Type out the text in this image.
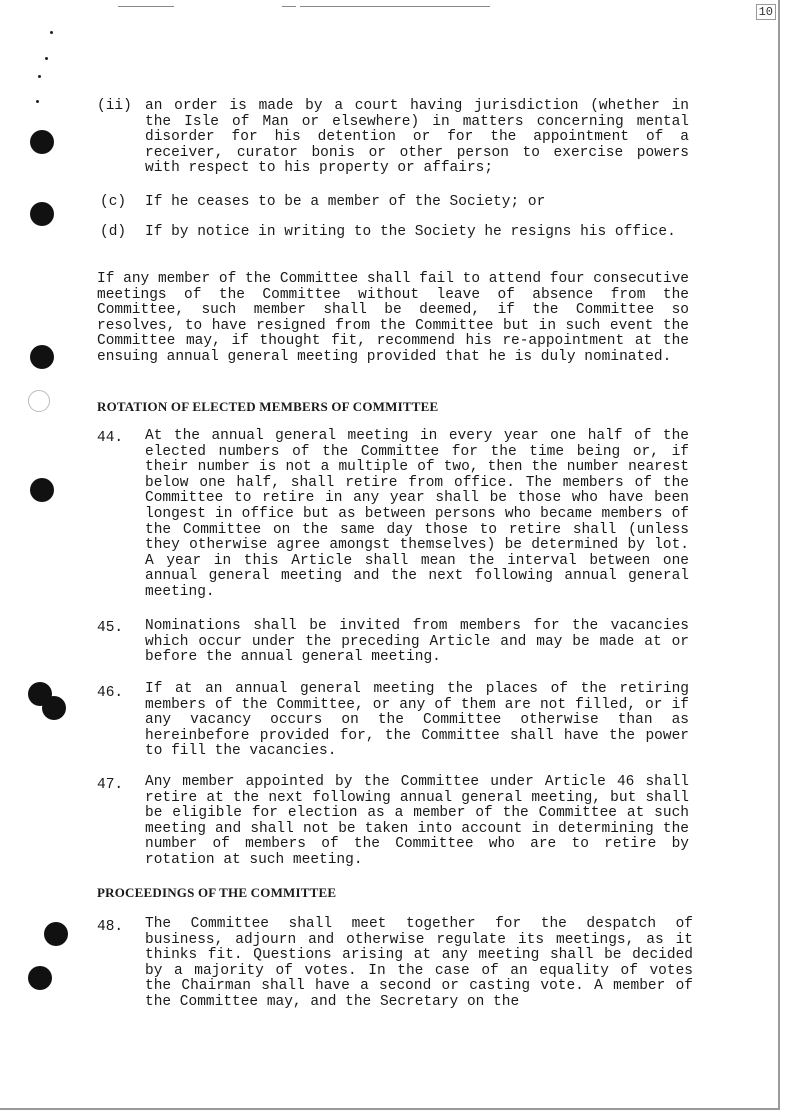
10
(ii) an order is made by a court having jurisdiction (whether in the Isle of Man or elsewhere) in matters concerning mental disorder for his detention or for the appointment of a receiver, curator bonis or other person to exercise powers with respect to his property or affairs;

(c) If he ceases to be a member of the Society; or

(d) If by notice in writing to the Society he resigns his office.

If any member of the Committee shall fail to attend four consecutive meetings of the Committee without leave of absence from the Committee, such member shall be deemed, if the Committee so resolves, to have resigned from the Committee but in such event the Committee may, if thought fit, recommend his re-appointment at the ensuing annual general meeting provided that he is duly nominated.

ROTATION OF ELECTED MEMBERS OF COMMITTEE
44. At the annual general meeting in every year one half of the elected numbers of the Committee for the time being or, if their number is not a multiple of two, then the number nearest below one half, shall retire from office. The members of the Committee to retire in any year shall be those who have been longest in office but as between persons who became members of the Committee on the same day those to retire shall (unless they otherwise agree amongst themselves) be determined by lot. A year in this Article shall mean the interval between one annual general meeting and the next following annual general meeting.

45. Nominations shall be invited from members for the vacancies which occur under the preceding Article and may be made at or before the annual general meeting.

46. If at an annual general meeting the places of the retiring members of the Committee, or any of them are not filled, or if any vacancy occurs on the Committee otherwise than as hereinbefore provided for, the Committee shall have the power to fill the vacancies.

47. Any member appointed by the Committee under Article 46 shall retire at the next following annual general meeting, but shall be eligible for election as a member of the Committee at such meeting and shall not be taken into account in determining the number of members of the Committee who are to retire by rotation at such meeting.

PROCEEDINGS OF THE COMMITTEE
48. The Committee shall meet together for the despatch of business, adjourn and otherwise regulate its meetings, as it thinks fit. Questions arising at any meeting shall be decided by a majority of votes. In the case of an equality of votes the Chairman shall have a second or casting vote. A member of the Committee may, and the Secretary on the
